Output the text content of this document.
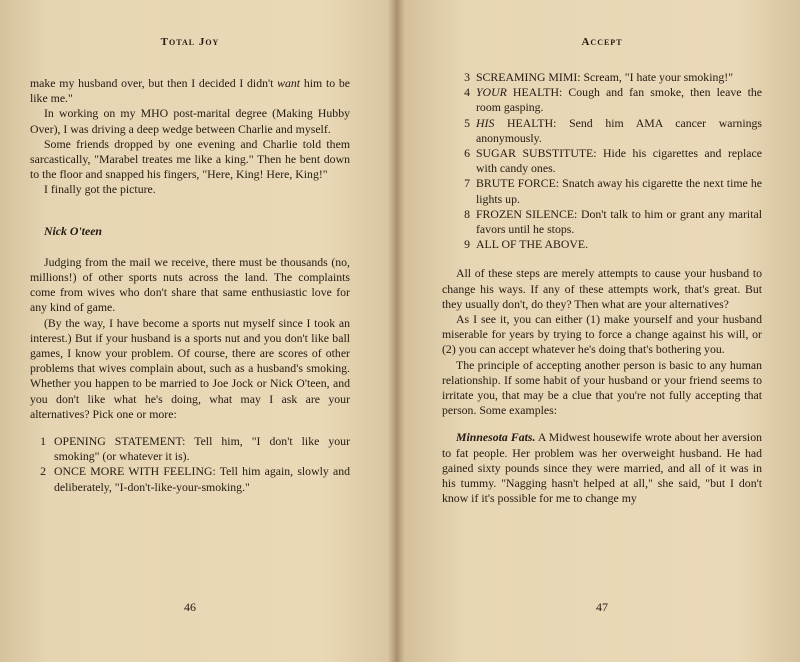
Total Joy

make my husband over, but then I decided I didn't want him to be like me."

In working on my MHO post-marital degree (Making Hubby Over), I was driving a deep wedge between Charlie and myself.

Some friends dropped by one evening and Charlie told them sarcastically, "Marabel treates me like a king." Then he bent down to the floor and snapped his fingers, "Here, King! Here, King!"

I finally got the picture.

Nick O'teen

Judging from the mail we receive, there must be thousands (no, millions!) of other sports nuts across the land. The complaints come from wives who don't share that same enthusiastic love for any kind of game.

(By the way, I have become a sports nut myself since I took an interest.) But if your husband is a sports nut and you don't like ball games, I know your problem. Of course, there are scores of other problems that wives complain about, such as a husband's smoking. Whether you happen to be married to Joe Jock or Nick O'teen, and you don't like what he's doing, what may I ask are your alternatives? Pick one or more:

1 OPENING STATEMENT: Tell him, "I don't like your smoking" (or whatever it is).
2 ONCE MORE WITH FEELING: Tell him again, slowly and deliberately, "I-don't-like-your-smoking."
46
Accept
3 SCREAMING MIMI: Scream, "I hate your smoking!"
4 YOUR HEALTH: Cough and fan smoke, then leave the room gasping.
5 HIS HEALTH: Send him AMA cancer warnings anonymously.
6 SUGAR SUBSTITUTE: Hide his cigarettes and replace with candy ones.
7 BRUTE FORCE: Snatch away his cigarette the next time he lights up.
8 FROZEN SILENCE: Don't talk to him or grant any marital favors until he stops.
9 ALL OF THE ABOVE.

All of these steps are merely attempts to cause your husband to change his ways. If any of these attempts work, that's great. But they usually don't, do they? Then what are your alternatives?

As I see it, you can either (1) make yourself and your husband miserable for years by trying to force a change against his will, or (2) you can accept whatever he's doing that's bothering you.

The principle of accepting another person is basic to any human relationship. If some habit of your husband or your friend seems to irritate you, that may be a clue that you're not fully accepting that person. Some examples:

Minnesota Fats. A Midwest housewife wrote about her aversion to fat people. Her problem was her overweight husband. He had gained sixty pounds since they were married, and all of it was in his tummy. "Nagging hasn't helped at all," she said, "but I don't know if it's possible for me to change my

47
